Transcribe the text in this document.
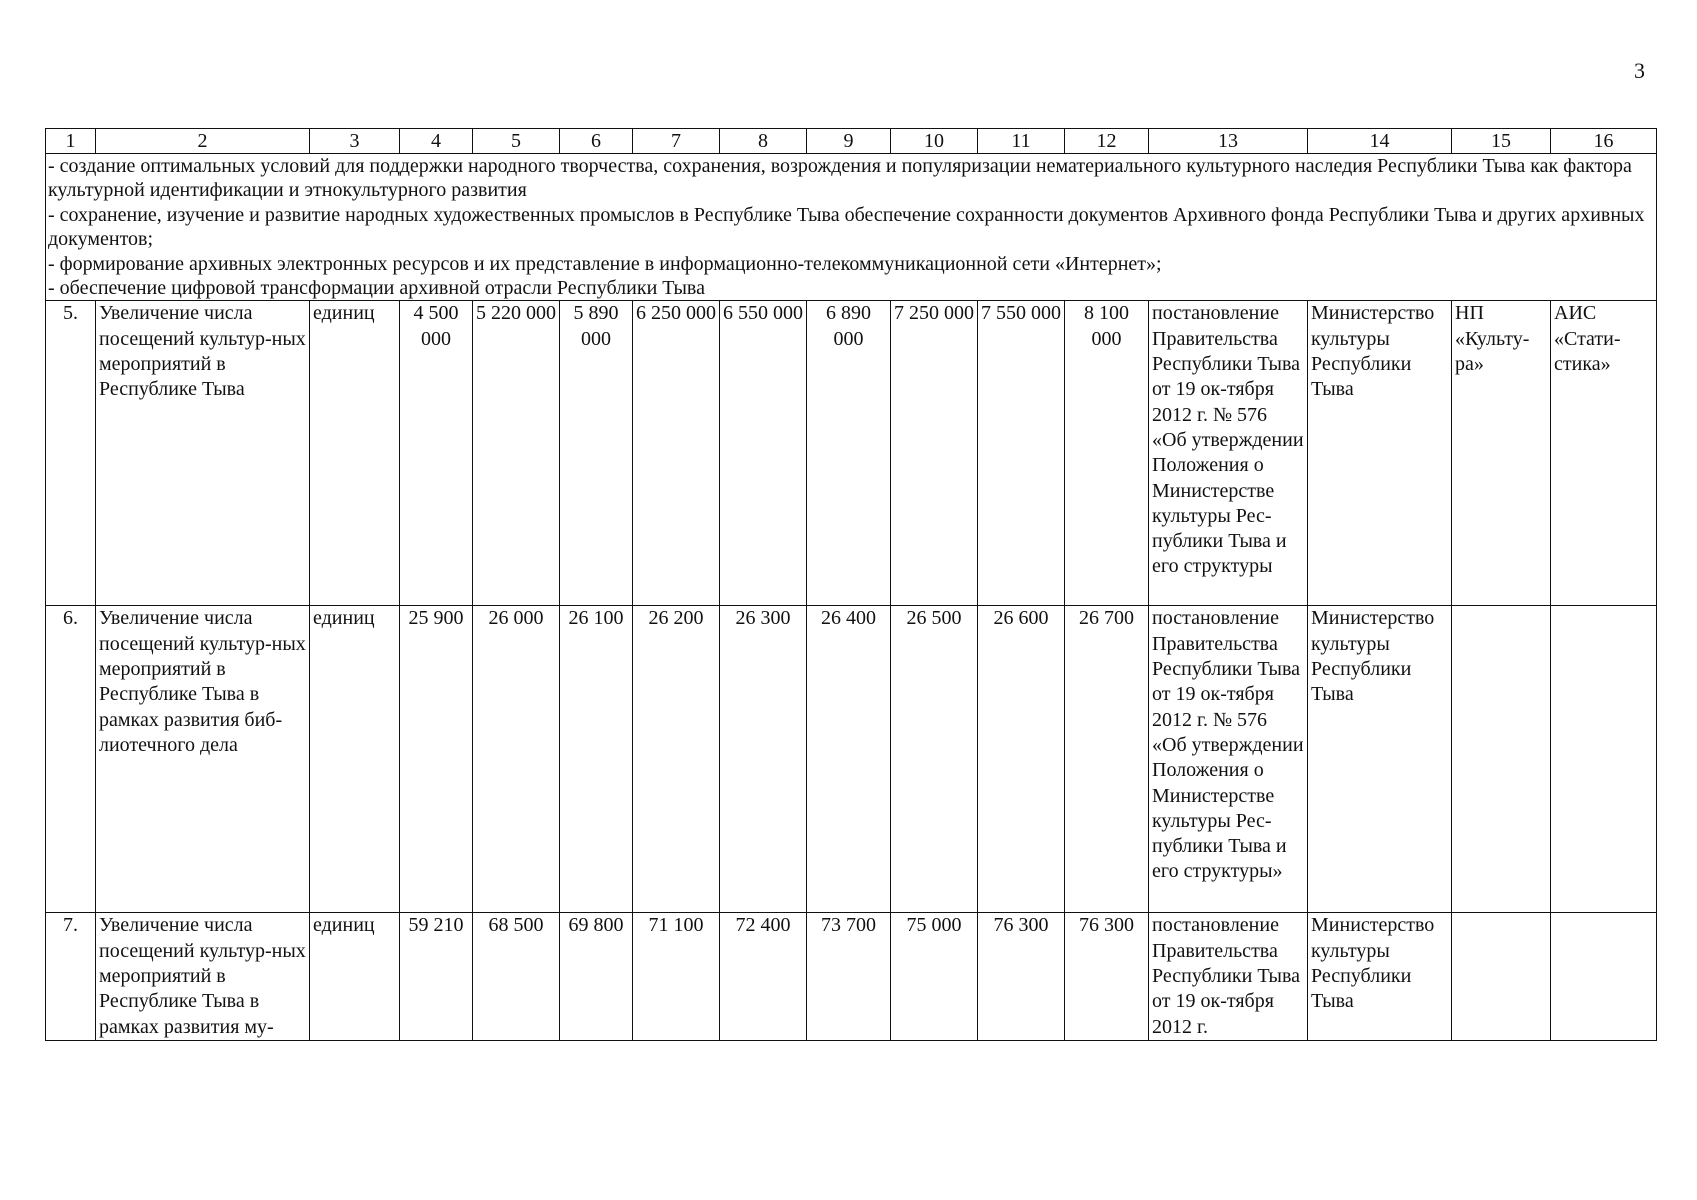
3
1	2	3	4	5	6	7	8	9	10	11	12	13	14	15	16

- создание оптимальных условий для поддержки народного творчества, сохранения, возрождения и популяризации нематериального культурного наследия Республики Тыва как фактора культурной идентификации и этнокультурного развития
- сохранение, изучение и развитие народных художественных промыслов в Республике Тыва обеспечение сохранности документов Архивного фонда Республики Тыва и других архивных документов;
- формирование архивных электронных ресурсов и их представление в информационно-телекоммуникационной сети «Интернет»;
- обеспечение цифровой трансформации архивной отрасли Республики Тыва															

5.	Увеличение числа посещений культур-ных мероприятий в Республике Тыва	единиц	4 500 000	5 220 000	5 890 000	6 250 000	6 550 000	6 890 000	7 250 000	7 550 000	8 100 000	постановление Правительства Республики Тыва от 19 ок-тября 2012 г. № 576 «Об утверждении Положения о Министерстве культуры Рес-публики Тыва и его структуры	Министерство культуры Республики Тыва	НП «Культу-ра»	АИС «Стати-стика»
6.	Увеличение числа посещений культур-ных мероприятий в Республике Тыва в рамках развития биб-лиотечного дела	единиц	25 900	26 000	26 100	26 200	26 300	26 400	26 500	26 600	26 700	постановление Правительства Республики Тыва от 19 ок-тября 2012 г. № 576 «Об утверждении Положения о Министерстве культуры Рес-публики Тыва и его структуры»	Министерство культуры Республики Тыва		
7.	Увеличение числа посещений культур-ных мероприятий в Республике Тыва в рамках развития му-	единиц	59 210	68 500	69 800	71 100	72 400	73 700	75 000	76 300	76 300	постановление Правительства Республики Тыва от 19 ок-тября 2012 г.	Министерство культуры Республики Тыва		
